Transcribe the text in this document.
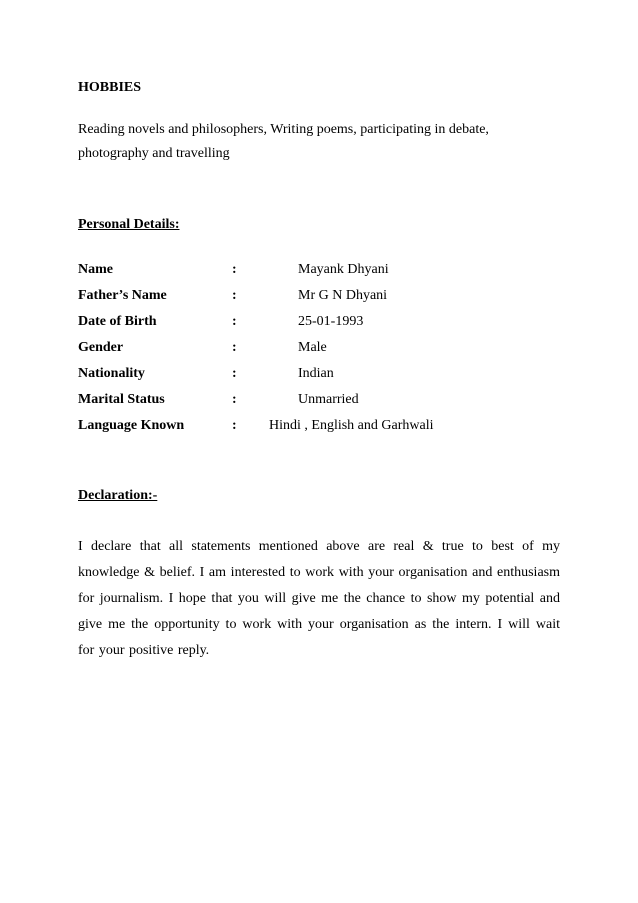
HOBBIES

Reading novels and philosophers, Writing poems, participating in debate, photography and travelling

Personal Details:
Name	:	Mayank Dhyani
Father’s Name	:	Mr G N Dhyani
Date of Birth	:	25-01-1993
Gender	:	Male
Nationality	:	Indian
Marital Status	:	Unmarried
Language Known	: Hindi , English and Garhwali
Declaration:-

I declare that all statements mentioned above are real & true to best of my knowledge & belief. I am interested to work with your organisation and enthusiasm for journalism. I hope that you will give me the chance to show my potential and give me the opportunity to work with your organisation as the intern. I will wait for your positive reply.
